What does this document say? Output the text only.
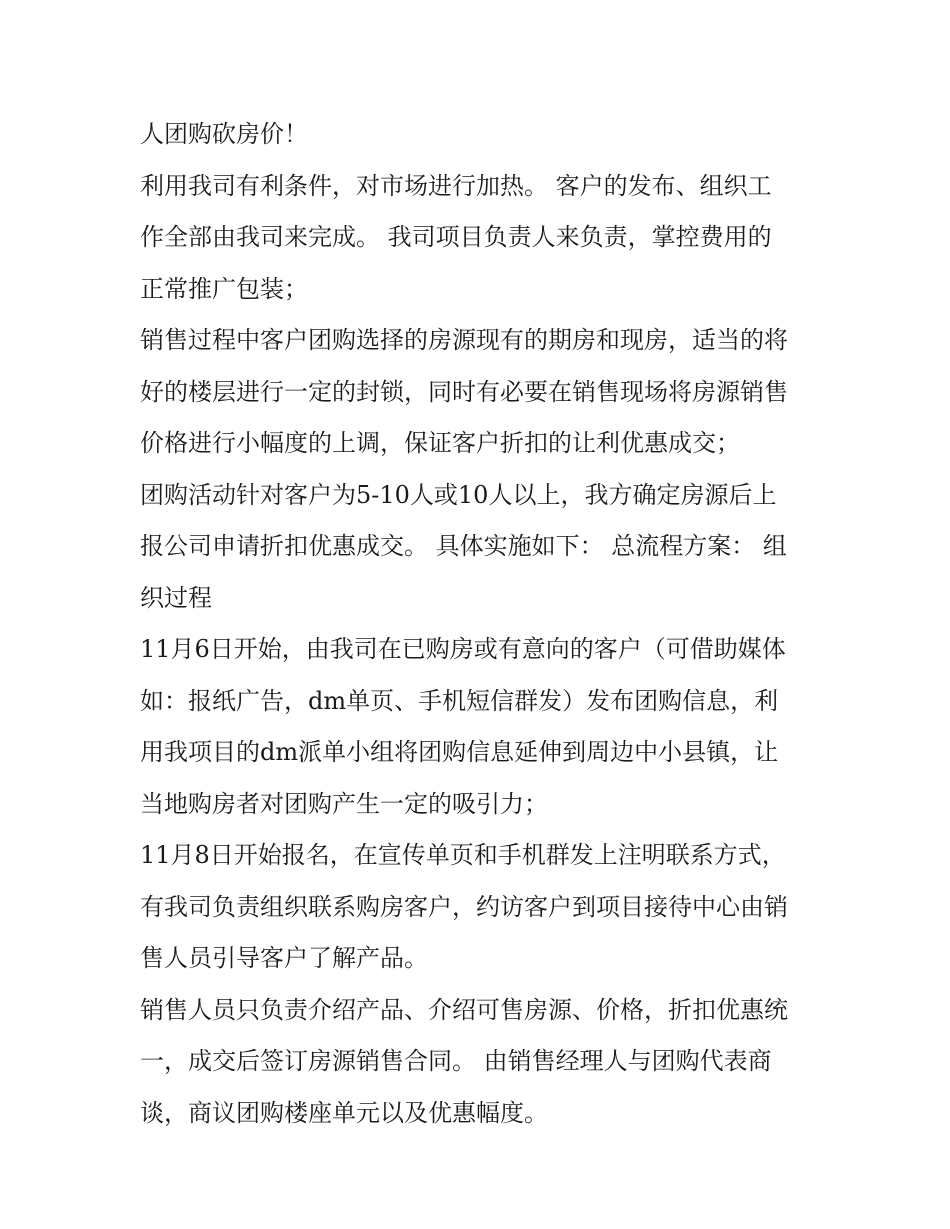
人团购砍房价！

利用我司有利条件，对市场进行加热。 客户的发布、组织工
作全部由我司来完成。 我司项目负责人来负责，掌控费用的
正常推广包装；

销售过程中客户团购选择的房源现有的期房和现房，适当的将
好的楼层进行一定的封锁，同时有必要在销售现场将房源销售
价格进行小幅度的上调，保证客户折扣的让利优惠成交；

团购活动针对客户为5-10人或10人以上，我方确定房源后上
报公司申请折扣优惠成交。 具体实施如下： 总流程方案： 组
织过程

11月6日开始，由我司在已购房或有意向的客户（可借助媒体
如：报纸广告，dm单页、手机短信群发）发布团购信息，利
用我项目的dm派单小组将团购信息延伸到周边中小县镇，让
当地购房者对团购产生一定的吸引力；

11月8日开始报名，在宣传单页和手机群发上注明联系方式，
有我司负责组织联系购房客户，约访客户到项目接待中心由销
售人员引导客户了解产品。

销售人员只负责介绍产品、介绍可售房源、价格，折扣优惠统
一，成交后签订房源销售合同。 由销售经理人与团购代表商
谈，商议团购楼座单元以及优惠幅度。
